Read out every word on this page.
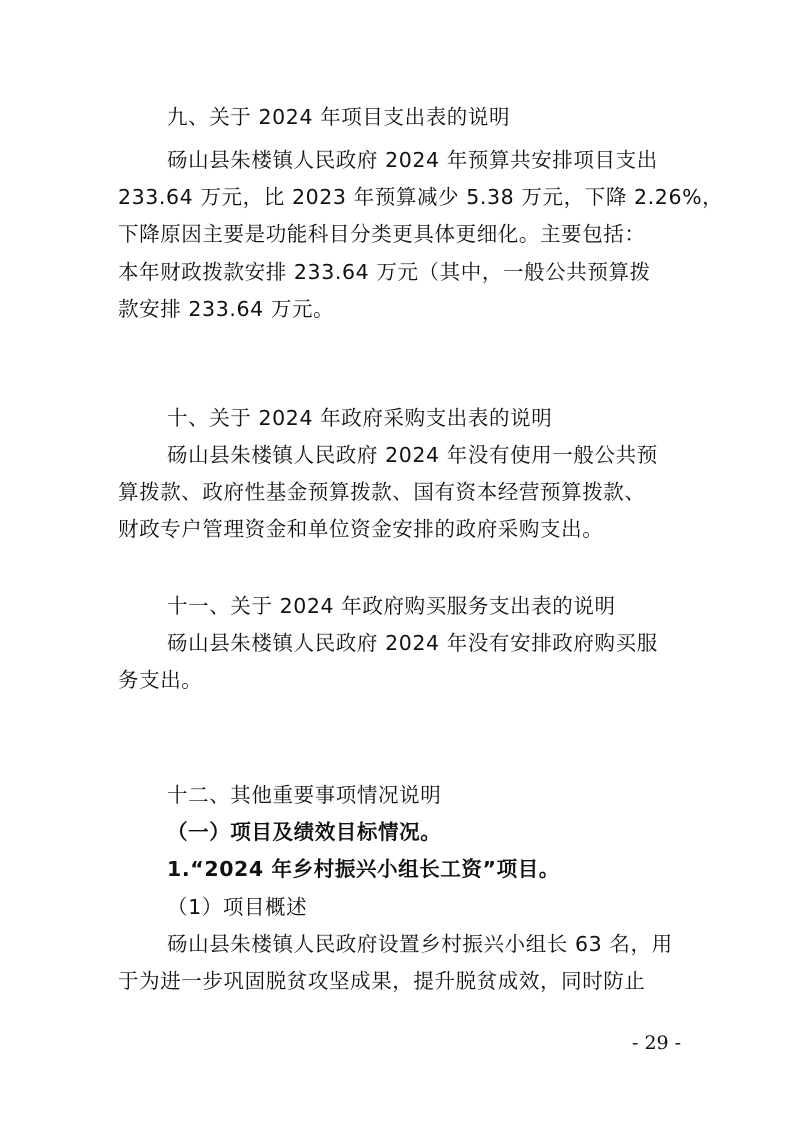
九、关于 2024 年项目支出表的说明
砀山县朱楼镇人民政府 2024 年预算共安排项目支出
233.64 万元，比 2023 年预算减少 5.38 万元，下降 2.26%，
下降原因主要是功能科目分类更具体更细化。主要包括：
本年财政拨款安排 233.64 万元（其中，一般公共预算拨
款安排 233.64 万元。
十、关于 2024 年政府采购支出表的说明
砀山县朱楼镇人民政府 2024 年没有使用一般公共预
算拨款、政府性基金预算拨款、国有资本经营预算拨款、
财政专户管理资金和单位资金安排的政府采购支出。
十一、关于 2024 年政府购买服务支出表的说明
砀山县朱楼镇人民政府 2024 年没有安排政府购买服
务支出。
十二、其他重要事项情况说明
（一）项目及绩效目标情况。
1.“2024 年乡村振兴小组长工资”项目。
（1）项目概述
砀山县朱楼镇人民政府设置乡村振兴小组长 63 名，用
于为进一步巩固脱贫攻坚成果，提升脱贫成效，同时防止
- 29 -
